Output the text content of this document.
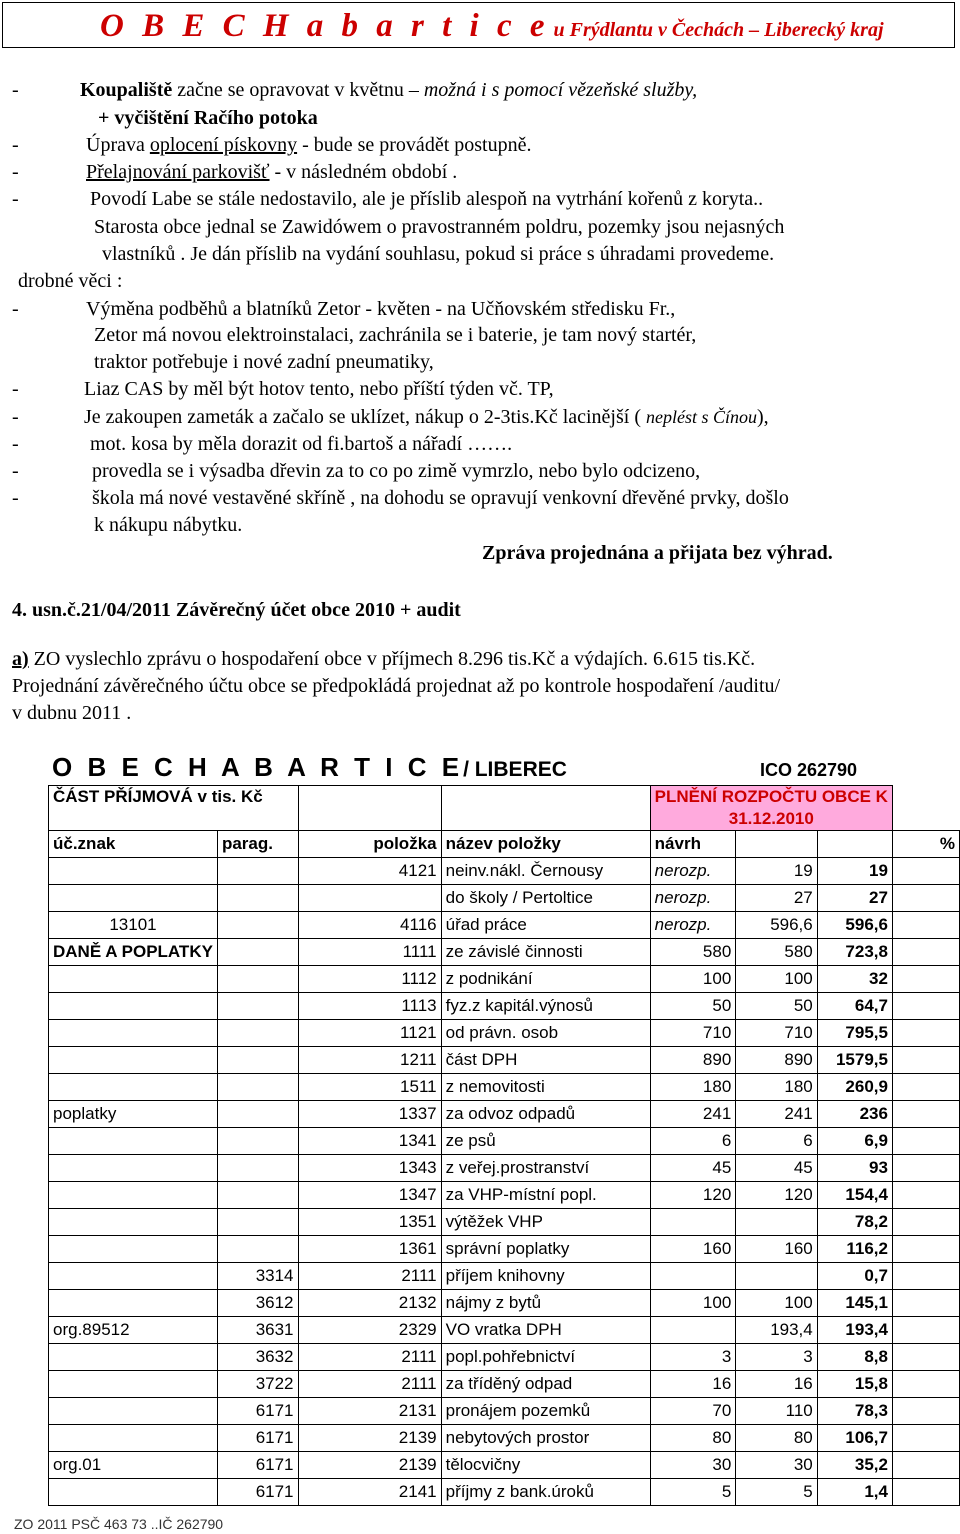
O B E C H a b a r t i c e u Frýdlantu v Čechách – Liberecký kraj
-	Koupaliště začne se opravovat v květnu – možná i s pomocí vězeňské služby,
+ vyčištění Račího potoka
-	Úprava oplocení pískovny - bude se provádět postupně.
-	Přelajnování parkovišť - v následném období .
-	Povodí Labe se stále nedostavilo, ale je příslib alespoň na vytrhání kořenů z koryta..
Starosta obce jednal se Zawidówem o pravostranném poldru, pozemky jsou nejasných
vlastníků . Je dán příslib na vydání souhlasu, pokud si práce s úhradami provedeme.
drobné věci :
-	Výměna podběhů a blatníků Zetor - květen - na Učňovském středisku Fr.,
Zetor má novou elektroinstalaci, zachránila se i baterie, je tam nový startér,
traktor potřebuje i nové zadní pneumatiky,
-	Liaz CAS by měl být hotov tento, nebo příští týden vč. TP,
-	Je zakoupen zameták a začalo se uklízet, nákup o 2-3tis.Kč lacinější ( neplést s Čínou),
-	mot. kosa by měla dorazit od fi.bartoš a nářadí …….
-	provedla se i výsadba dřevin za to co po zimě vymrzlo, nebo bylo odcizeno,
-	škola má nové vestavěné skříně , na dohodu se opravují venkovní dřevěné prvky, došlo
k nákupu nábytku.
Zpráva projednána a přijata bez výhrad.
4. usn.č.21/04/2011 Závěrečný účet obce 2010 + audit
a) ZO vyslechlo zprávu o hospodaření obce v příjmech 8.296 tis.Kč a výdajích. 6.615 tis.Kč.
Projednání závěrečného účtu obce se předpokládá projednat až po kontrole hospodaření /auditu/
v dubnu 2011 .
O B E C H A B A R T I C E/ LIBEREC	ICO 262790
ČÁST PŘÍJMOVÁ v tis. Kč				PLNĚNÍ ROZPOČTU OBCE K
31.12.2010			

úč.znak	parag.	položka	název položky	návrh			%
		4121	neinv.nákl. Černousy	nerozp.	19	19	
			do školy / Pertoltice	nerozp.	27	27	
13101		4116	úřad práce	nerozp.	596,6	596,6	
DANĚ A POPLATKY		1111	ze závislé činnosti	580	580	723,8	
		1112	z podnikání	100	100	32	
		1113	fyz.z kapitál.výnosů	50	50	64,7	
		1121	od právn. osob	710	710	795,5	
		1211	část DPH	890	890	1579,5	
		1511	z nemovitosti	180	180	260,9	
poplatky		1337	za odvoz odpadů	241	241	236	
		1341	ze psů	6	6	6,9	
		1343	z veřej.prostranství	45	45	93	
		1347	za VHP-místní popl.	120	120	154,4	
		1351	výtěžek VHP			78,2	
		1361	správní poplatky	160	160	116,2	
	3314	2111	příjem knihovny			0,7	
	3612	2132	nájmy z bytů	100	100	145,1	
org.89512	3631	2329	VO vratka DPH		193,4	193,4	
	3632	2111	popl.pohřebnictví	3	3	8,8	
	3722	2111	za tříděný odpad	16	16	15,8	
	6171	2131	pronájem pozemků	70	110	78,3	
	6171	2139	nebytových prostor	80	80	106,7	
org.01	6171	2139	tělocvičny	30	30	35,2	
	6171	2141	příjmy z bank.úroků	5	5	1,4	
ZO 2011 PSČ 463 73 ..IČ 262790
